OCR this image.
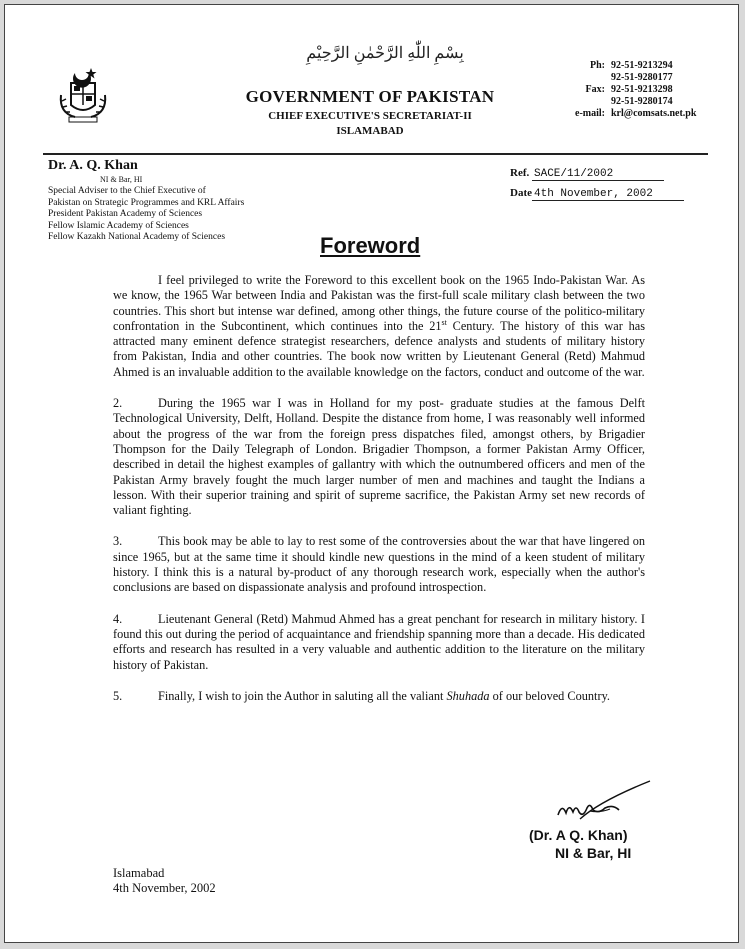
بِسْمِ اللّٰهِ الرَّحْمٰنِ الرَّحِیْمِ
GOVERNMENT OF PAKISTAN
CHIEF EXECUTIVE'S SECRETARIAT-II
ISLAMABAD
Ph: 92-51-9213294
92-51-9280177
Fax: 92-51-9213298
92-51-9280174
e-mail: krl@comsats.net.pk
Dr. A. Q. Khan
NI & Bar, HI
Special Adviser to the Chief Executive of
Pakistan on Strategic Programmes and KRL Affairs
President Pakistan Academy of Sciences
Fellow Islamic Academy of Sciences
Fellow Kazakh National Academy of Sciences
Ref. SACE/11/2002
Date 4th November, 2002
Foreword

I feel privileged to write the Foreword to this excellent book on the 1965 Indo-Pakistan War. As we know, the 1965 War between India and Pakistan was the first-full scale military clash between the two countries. This short but intense war defined, among other things, the future course of the politico-military confrontation in the Subcontinent, which continues into the 21st Century. The history of this war has attracted many eminent defence strategist researchers, defence analysts and students of military history from Pakistan, India and other countries. The book now written by Lieutenant General (Retd) Mahmud Ahmed is an invaluable addition to the available knowledge on the factors, conduct and outcome of the war.

2.	During the 1965 war I was in Holland for my post- graduate studies at the famous Delft Technological University, Delft, Holland. Despite the distance from home, I was reasonably well informed about the progress of the war from the foreign press dispatches filed, amongst others, by Brigadier Thompson for the Daily Telegraph of London. Brigadier Thompson, a former Pakistan Army Officer, described in detail the highest examples of gallantry with which the outnumbered officers and men of the Pakistan Army bravely fought the much larger number of men and machines and taught the Indians a lesson. With their superior training and spirit of supreme sacrifice, the Pakistan Army set new records of valiant fighting.

3.	This book may be able to lay to rest some of the controversies about the war that have lingered on since 1965, but at the same time it should kindle new questions in the mind of a keen student of military history. I think this is a natural by-product of any thorough research work, especially when the author's conclusions are based on dispassionate analysis and profound introspection.

4.	Lieutenant General (Retd) Mahmud Ahmed has a great penchant for research in military history. I found this out during the period of acquaintance and friendship spanning more than a decade. His dedicated efforts and research has resulted in a very valuable and authentic addition to the literature on the military history of Pakistan.

5.	Finally, I wish to join the Author in saluting all the valiant Shuhada of our beloved Country.

(Dr. A Q. Khan)
NI & Bar, HI
Islamabad
4th November, 2002
